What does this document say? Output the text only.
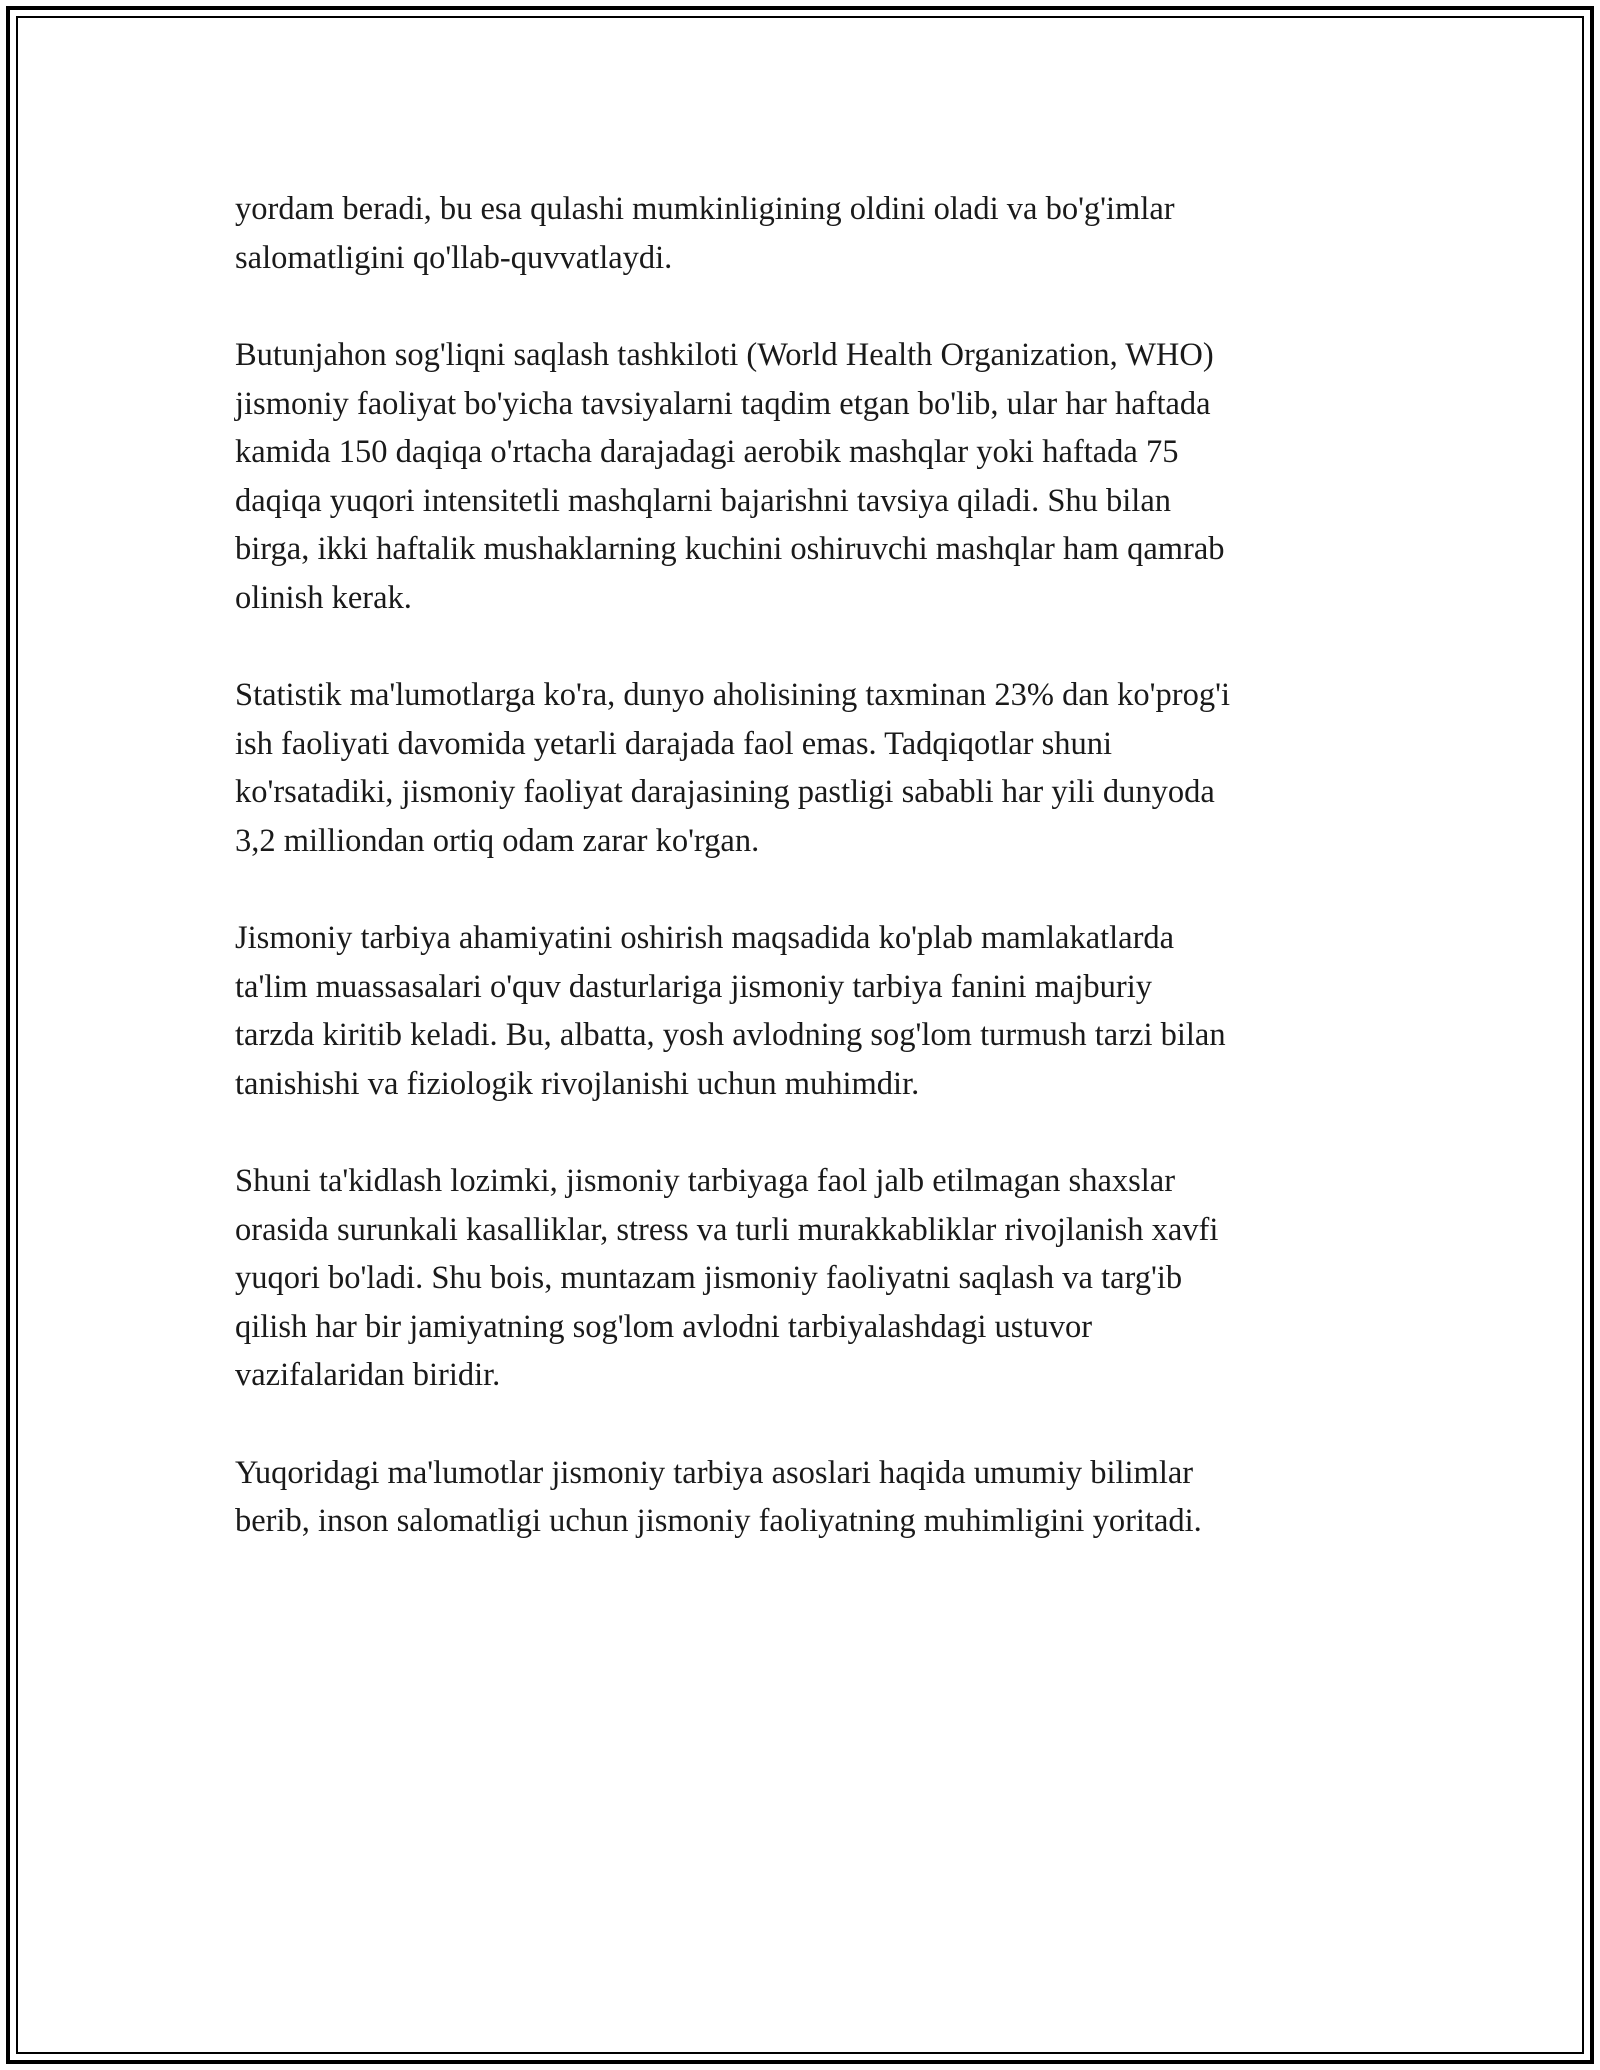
yordam beradi, bu esa qulashi mumkinligining oldini oladi va bo'g'imlar
salomatligini qo'llab-quvvatlaydi.

Butunjahon sog'liqni saqlash tashkiloti (World Health Organization, WHO)
jismoniy faoliyat bo'yicha tavsiyalarni taqdim etgan bo'lib, ular har haftada
kamida 150 daqiqa o'rtacha darajadagi aerobik mashqlar yoki haftada 75
daqiqa yuqori intensitetli mashqlarni bajarishni tavsiya qiladi. Shu bilan
birga, ikki haftalik mushaklarning kuchini oshiruvchi mashqlar ham qamrab
olinish kerak.

Statistik ma'lumotlarga ko'ra, dunyo aholisining taxminan 23% dan ko'prog'i
ish faoliyati davomida yetarli darajada faol emas. Tadqiqotlar shuni
ko'rsatadiki, jismoniy faoliyat darajasining pastligi sababli har yili dunyoda
3,2 milliondan ortiq odam zarar ko'rgan.

Jismoniy tarbiya ahamiyatini oshirish maqsadida ko'plab mamlakatlarda
ta'lim muassasalari o'quv dasturlariga jismoniy tarbiya fanini majburiy
tarzda kiritib keladi. Bu, albatta, yosh avlodning sog'lom turmush tarzi bilan
tanishishi va fiziologik rivojlanishi uchun muhimdir.

Shuni ta'kidlash lozimki, jismoniy tarbiyaga faol jalb etilmagan shaxslar
orasida surunkali kasalliklar, stress va turli murakkabliklar rivojlanish xavfi
yuqori bo'ladi. Shu bois, muntazam jismoniy faoliyatni saqlash va targ'ib
qilish har bir jamiyatning sog'lom avlodni tarbiyalashdagi ustuvor
vazifalaridan biridir.

Yuqoridagi ma'lumotlar jismoniy tarbiya asoslari haqida umumiy bilimlar
berib, inson salomatligi uchun jismoniy faoliyatning muhimligini yoritadi.
